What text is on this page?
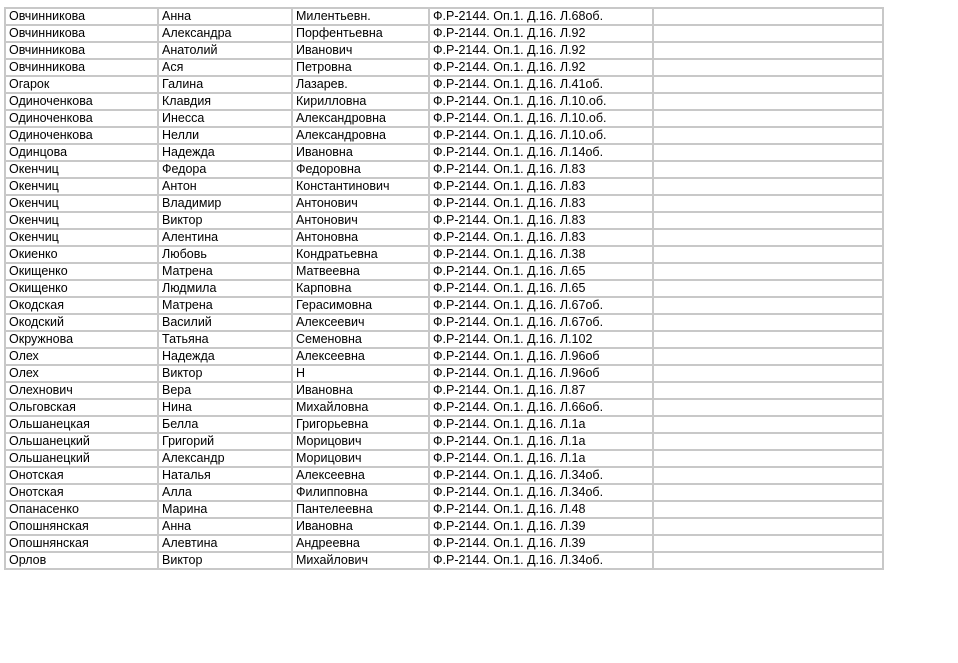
Овчинникова	Анна	Милентьевн.	Ф.Р-2144. Оп.1. Д.16. Л.68об.	
Овчинникова	Александра	Порфентьевна	Ф.Р-2144. Оп.1. Д.16. Л.92	
Овчинникова	Анатолий	Иванович	Ф.Р-2144. Оп.1. Д.16. Л.92	
Овчинникова	Ася	Петровна	Ф.Р-2144. Оп.1. Д.16. Л.92	
Огарок	Галина	Лазарев.	Ф.Р-2144. Оп.1. Д.16. Л.41об.	
Одиноченкова	Клавдия	Кирилловна	Ф.Р-2144. Оп.1. Д.16. Л.10.об.	
Одиноченкова	Инесса	Александровна	Ф.Р-2144. Оп.1. Д.16. Л.10.об.	
Одиноченкова	Нелли	Александровна	Ф.Р-2144. Оп.1. Д.16. Л.10.об.	
Одинцова	Надежда	Ивановна	Ф.Р-2144. Оп.1. Д.16. Л.14об.	
Окенчиц	Федора	Федоровна	Ф.Р-2144. Оп.1. Д.16. Л.83	
Окенчиц	Антон	Константинович	Ф.Р-2144. Оп.1. Д.16. Л.83	
Окенчиц	Владимир	Антонович	Ф.Р-2144. Оп.1. Д.16. Л.83	
Окенчиц	Виктор	Антонович	Ф.Р-2144. Оп.1. Д.16. Л.83	
Окенчиц	Алентина	Антоновна	Ф.Р-2144. Оп.1. Д.16. Л.83	
Окиенко	Любовь	Кондратьевна	Ф.Р-2144. Оп.1. Д.16. Л.38	
Окищенко	Матрена	Матвеевна	Ф.Р-2144. Оп.1. Д.16. Л.65	
Окищенко	Людмила	Карповна	Ф.Р-2144. Оп.1. Д.16. Л.65	
Окодская	Матрена	Герасимовна	Ф.Р-2144. Оп.1. Д.16. Л.67об.	
Окодский	Василий	Алексеевич	Ф.Р-2144. Оп.1. Д.16. Л.67об.	
Окружнова	Татьяна	Семеновна	Ф.Р-2144. Оп.1. Д.16. Л.102	
Олех	Надежда	Алексеевна	Ф.Р-2144. Оп.1. Д.16. Л.96об	
Олех	Виктор	Н	Ф.Р-2144. Оп.1. Д.16. Л.96об	
Олехнович	Вера	Ивановна	Ф.Р-2144. Оп.1. Д.16. Л.87	
Ольговская	Нина	Михайловна	Ф.Р-2144. Оп.1. Д.16. Л.66об.	
Ольшанецкая	Белла	Григорьевна	Ф.Р-2144. Оп.1. Д.16. Л.1а	
Ольшанецкий	Григорий	Морицович	Ф.Р-2144. Оп.1. Д.16. Л.1а	
Ольшанецкий	Александр	Морицович	Ф.Р-2144. Оп.1. Д.16. Л.1а	
Онотская	Наталья	Алексеевна	Ф.Р-2144. Оп.1. Д.16. Л.34об.	
Онотская	Алла	Филипповна	Ф.Р-2144. Оп.1. Д.16. Л.34об.	
Опанасенко	Марина	Пантелеевна	Ф.Р-2144. Оп.1. Д.16. Л.48	
Опошнянская	Анна	Ивановна	Ф.Р-2144. Оп.1. Д.16. Л.39	
Опошнянская	Алевтина	Андреевна	Ф.Р-2144. Оп.1. Д.16. Л.39	
Орлов	Виктор	Михайлович	Ф.Р-2144. Оп.1. Д.16. Л.34об.	
